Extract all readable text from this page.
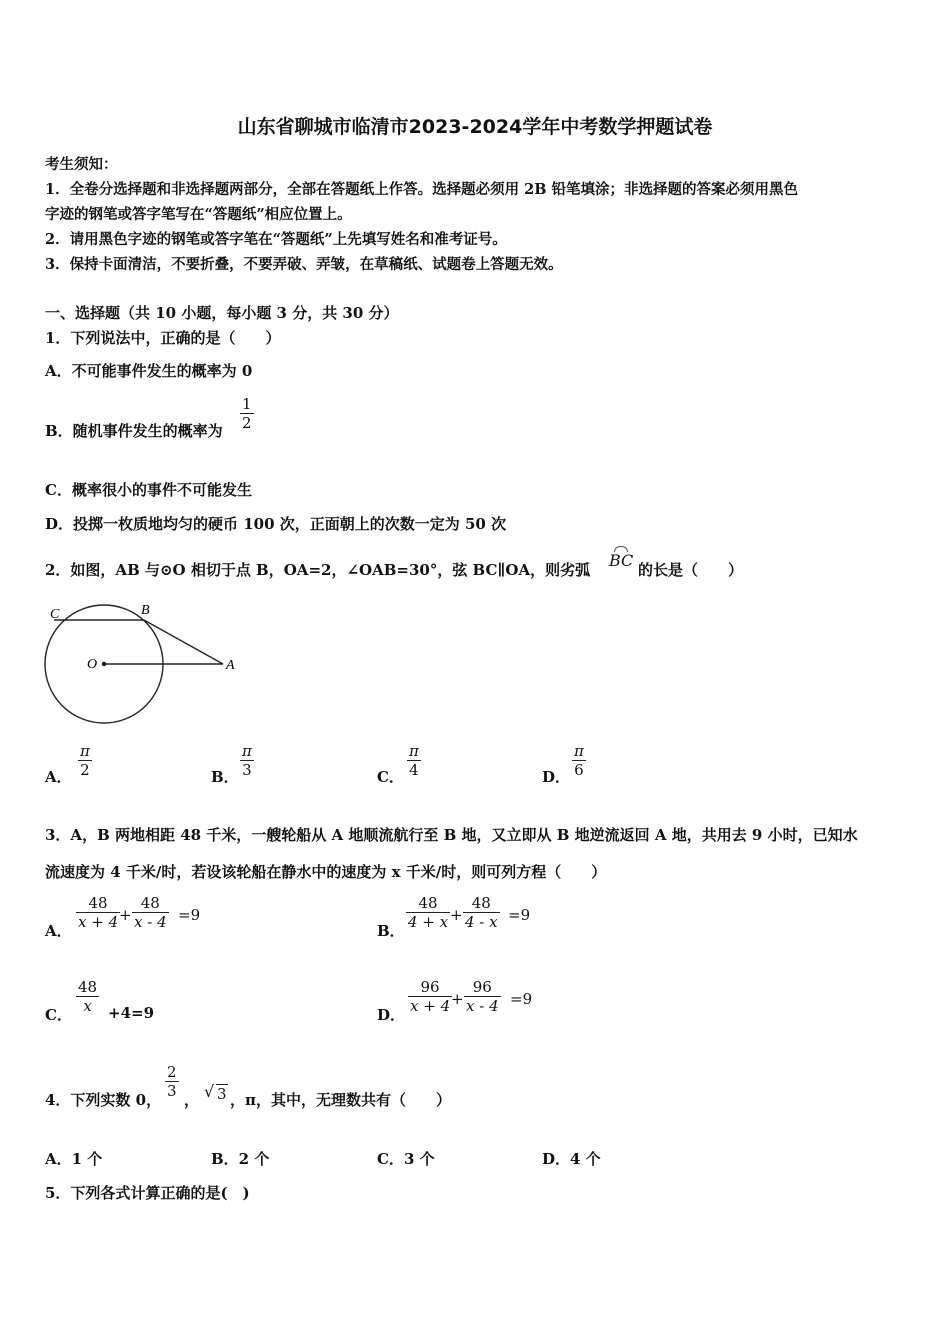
山东省聊城市临清市2023-2024学年中考数学押题试卷
考生须知：
1．全卷分选择题和非选择题两部分，全部在答题纸上作答。选择题必须用 2B 铅笔填涂；非选择题的答案必须用黑色
字迹的钢笔或答字笔写在“答题纸”相应位置上。
2．请用黑色字迹的钢笔或答字笔在“答题纸”上先填写姓名和准考证号。
3．保持卡面清洁，不要折叠，不要弄破、弄皱，在草稿纸、试题卷上答题无效。
一、选择题（共 10 小题，每小题 3 分，共 30 分）
1．下列说法中，正确的是（　　）
A．不可能事件发生的概率为 0
B．随机事件发生的概率为 $\frac{1}{2}$
C．概率很小的事件不可能发生
D．投掷一枚质地均匀的硬币 100 次，正面朝上的次数一定为 50 次
2．如图，AB 与⊙O 相切于点 B，OA=2，∠OAB=30°，弦 BC∥OA，则劣弧 BC 的长是（　　）
C	B
O	A
A． $\frac{\pi}{2}$	B． $\frac{\pi}{3}$	C． $\frac{\pi}{4}$	D． $\frac{\pi}{6}$
3．A，B 两地相距 48 千米，一艘轮船从 A 地顺流航行至 B 地，又立即从 B 地逆流返回 A 地，共用去 9 小时，已知水
流速度为 4 千米/时，若设该轮船在静水中的速度为 x 千米/时，则可列方程（　　）
A． $\frac{48}{x + 4}$
+ $\frac{48}{x - 4} =9$
B． $\frac{48}{4 + x} + \frac{48}{4 - x} =9$
C． $\frac{48}{x} +4=9$	D． $\frac{96}{x + 4}$
+ $\frac{96}{x - 4} =9$
4．下列实数 0， $\frac{2}{3}$ ， √ 3 ，π，其中，无理数共有（　　）
A．1 个	B．2 个	C．3 个	D．4 个
5．下列各式计算正确的是(　)
